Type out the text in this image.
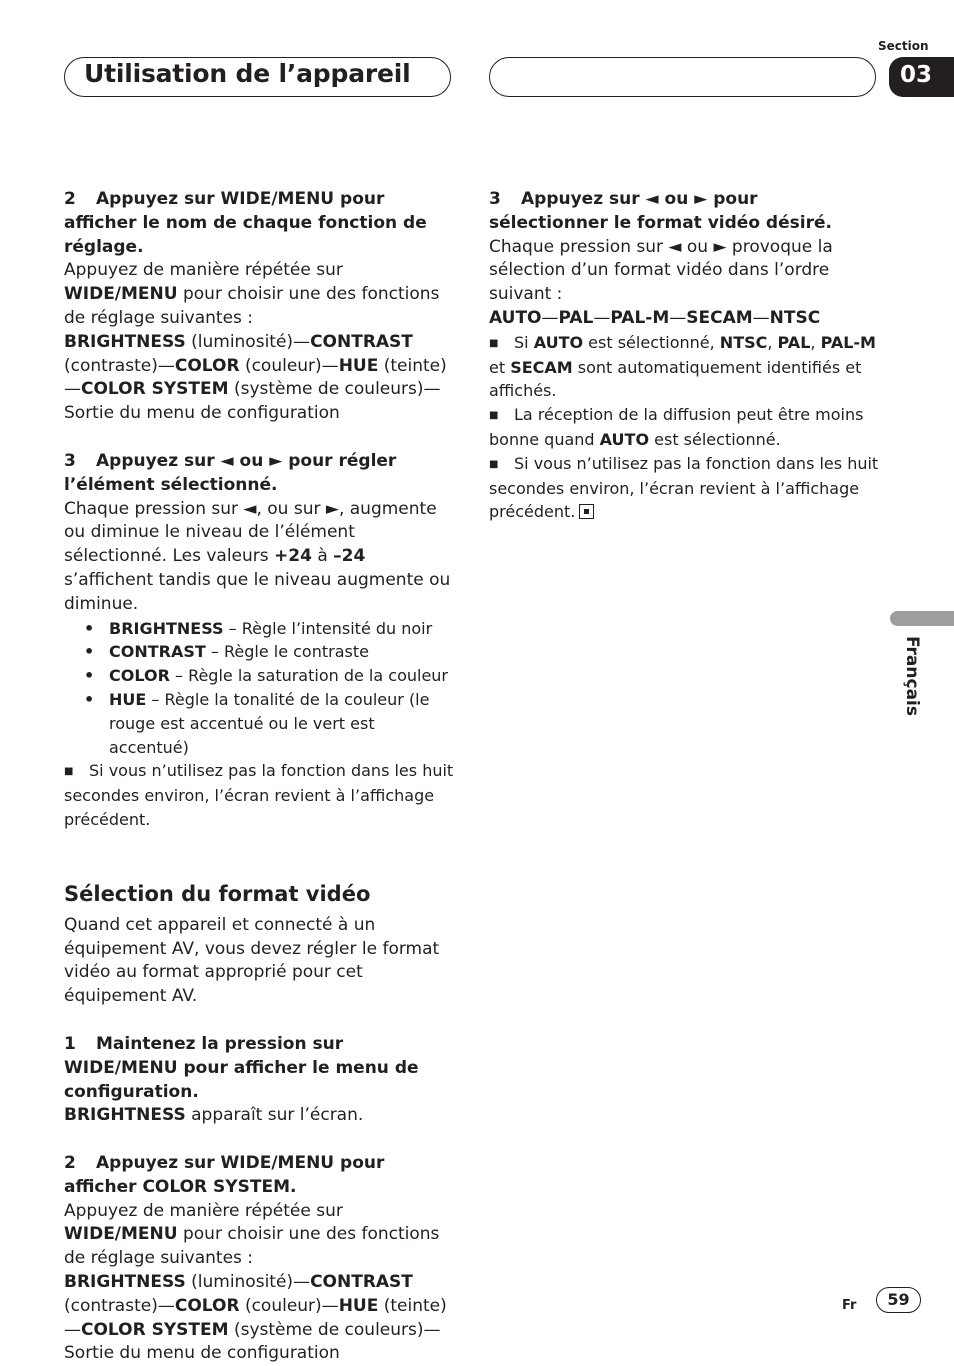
Utilisation de l’appareil
Section
03
Français

2 Appuyez sur WIDE/MENU pour afficher le nom de chaque fonction de réglage.

Appuyez de manière répétée sur WIDE/MENU pour choisir une des fonctions de réglage suivantes :

BRIGHTNESS (luminosité)—CONTRAST (contraste)—COLOR (couleur)—HUE (teinte) —COLOR SYSTEM (système de couleurs)— Sortie du menu de configuration

3 Appuyez sur ◄ ou ► pour régler l’élément sélectionné.

Chaque pression sur ◄, ou sur ►, augmente ou diminue le niveau de l’élément sélectionné. Les valeurs +24 à –24 s’affichent tandis que le niveau augmente ou diminue.

• BRIGHTNESS – Règle l’intensité du noir
• CONTRAST – Règle le contraste
• COLOR – Règle la saturation de la couleur
• HUE – Règle la tonalité de la couleur (le rouge est accentué ou le vert est accentué)

■ Si vous n’utilisez pas la fonction dans les huit secondes environ, l’écran revient à l’affichage précédent.

Sélection du format vidéo

Quand cet appareil et connecté à un équipement AV, vous devez régler le format vidéo au format approprié pour cet équipement AV.

1 Maintenez la pression sur WIDE/MENU pour afficher le menu de configuration.

BRIGHTNESS apparaît sur l’écran.

2 Appuyez sur WIDE/MENU pour afficher COLOR SYSTEM.

Appuyez de manière répétée sur WIDE/MENU pour choisir une des fonctions de réglage suivantes :

BRIGHTNESS (luminosité)—CONTRAST (contraste)—COLOR (couleur)—HUE (teinte) —COLOR SYSTEM (système de couleurs)— Sortie du menu de configuration

3 Appuyez sur ◄ ou ► pour sélectionner le format vidéo désiré.

Chaque pression sur ◄ ou ► provoque la sélection d’un format vidéo dans l’ordre suivant :

AUTO—PAL—PAL-M—SECAM—NTSC

■ Si AUTO est sélectionné, NTSC, PAL, PAL-M et SECAM sont automatiquement identifiés et affichés.

■ La réception de la diffusion peut être moins bonne quand AUTO est sélectionné.

■ Si vous n’utilisez pas la fonction dans les huit secondes environ, l’écran revient à l’affichage précédent.

Fr	59
